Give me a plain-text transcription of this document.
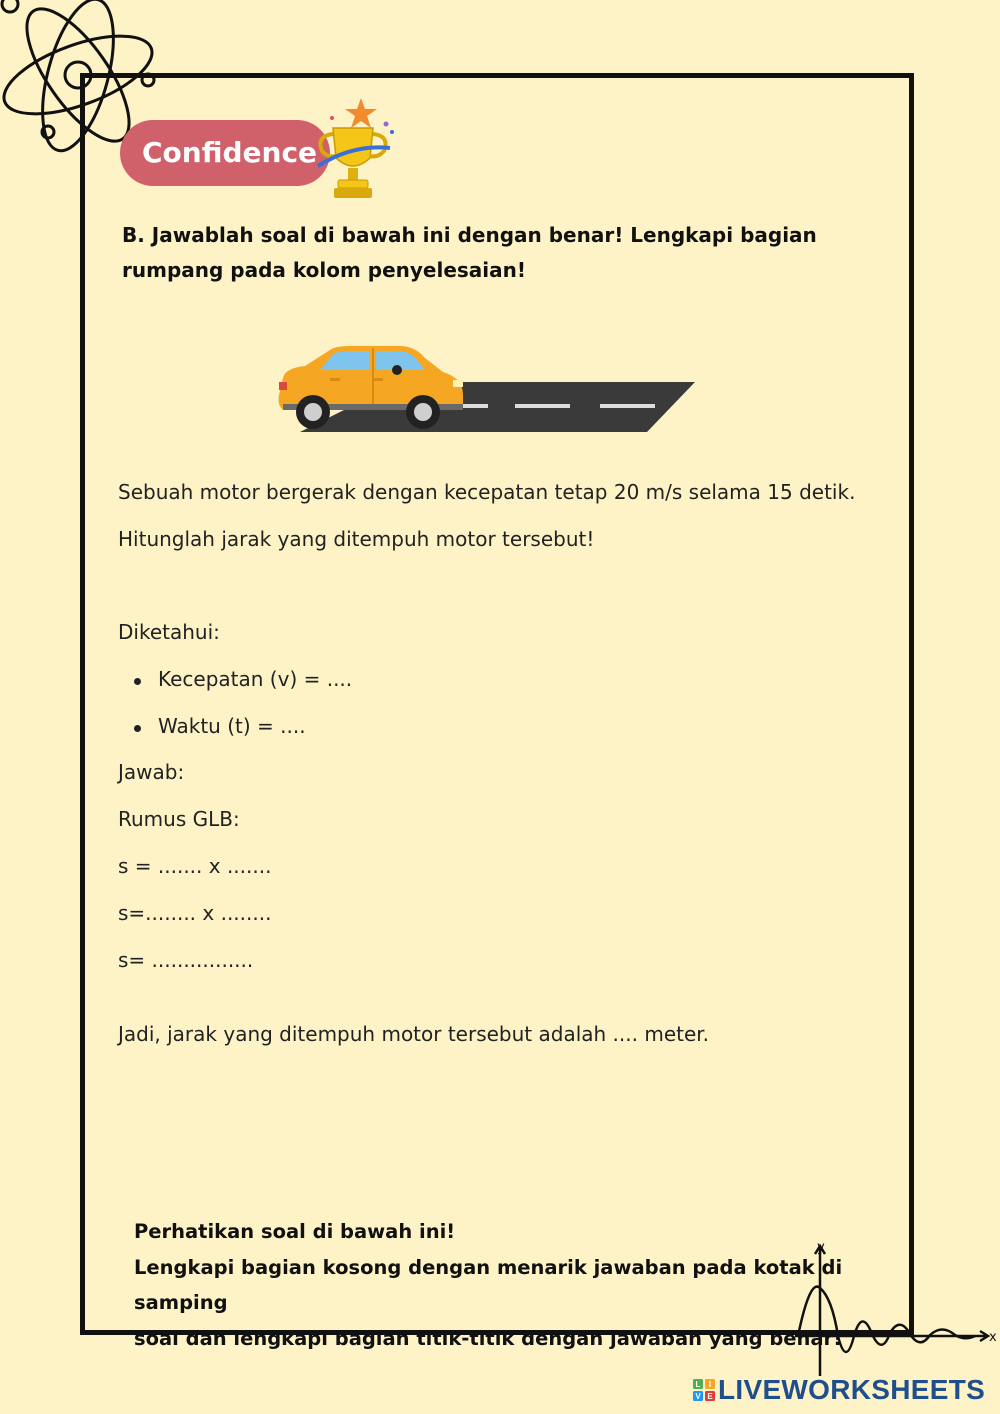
Confidence
B. Jawablah soal di bawah ini dengan benar! Lengkapi bagian rumpang pada kolom penyelesaian!
Sebuah motor bergerak dengan kecepatan tetap 20 m/s selama 15 detik.
Hitunglah jarak yang ditempuh motor tersebut!
Diketahui:
Kecepatan (v) = ....
Waktu (t) = ....
Jawab:
Rumus GLB:
s = ....... x .......
s=........ x ........
s= ................
Jadi, jarak yang ditempuh motor tersebut adalah .... meter.
Perhatikan soal di bawah ini!
Lengkapi bagian kosong dengan menarik jawaban pada kotak di samping
soal dan lengkapi bagian titik-titik dengan jawaban yang benar!
y
x
L I
V E LIVEWORKSHEETS
